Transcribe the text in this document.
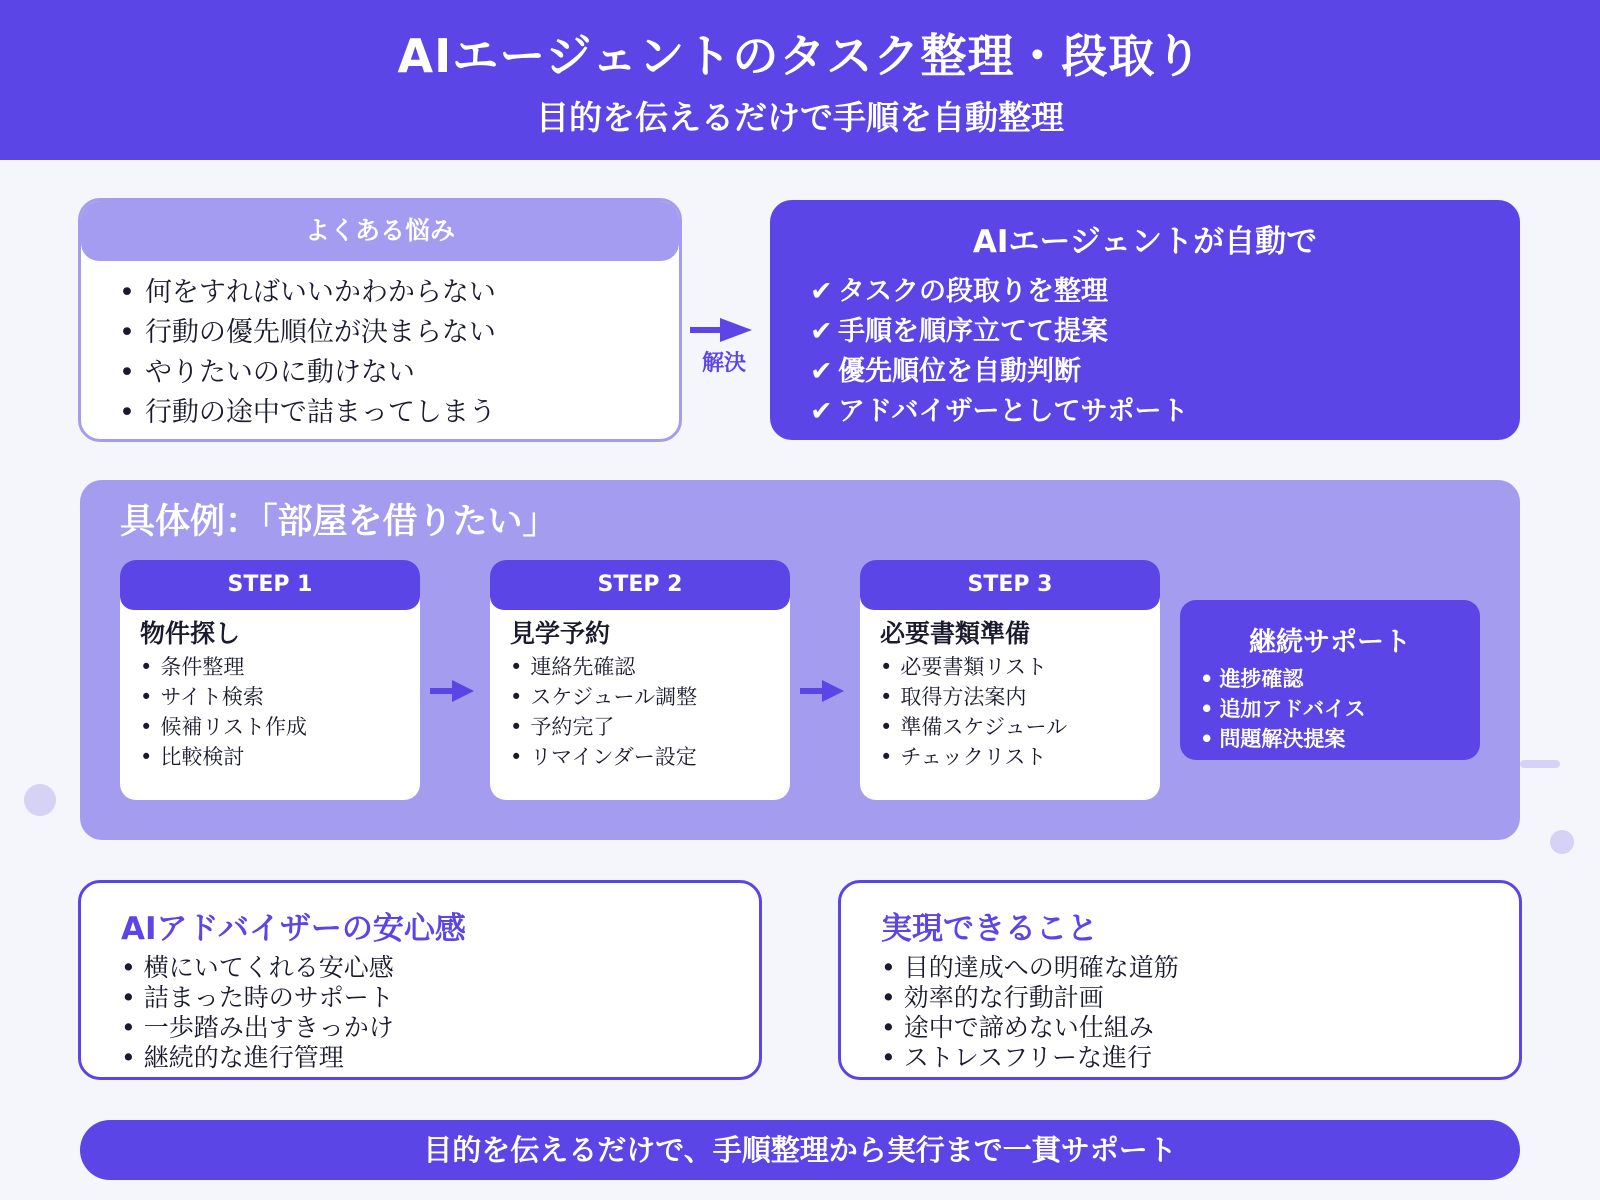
AIエージェントのタスク整理・段取り
目的を伝えるだけで手順を自動整理
よくある悩み
• 何をすればいいかわからない
• 行動の優先順位が決まらない
• やりたいのに動けない
• 行動の途中で詰まってしまう
解決
AIエージェントが自動で
✔ タスクの段取りを整理
✔ 手順を順序立てて提案
✔ 優先順位を自動判断
✔ アドバイザーとしてサポート
具体例：「部屋を借りたい」
STEP 1
物件探し
• 条件整理
• サイト検索
• 候補リスト作成
• 比較検討
STEP 2
見学予約
• 連絡先確認
• スケジュール調整
• 予約完了
• リマインダー設定
STEP 3
必要書類準備
• 必要書類リスト
• 取得方法案内
• 準備スケジュール
• チェックリスト
継続サポート
• 進捗確認
• 追加アドバイス
• 問題解決提案
AIアドバイザーの安心感
• 横にいてくれる安心感
• 詰まった時のサポート
• 一歩踏み出すきっかけ
• 継続的な進行管理
実現できること
• 目的達成への明確な道筋
• 効率的な行動計画
• 途中で諦めない仕組み
• ストレスフリーな進行
目的を伝えるだけで、手順整理から実行まで一貫サポート
